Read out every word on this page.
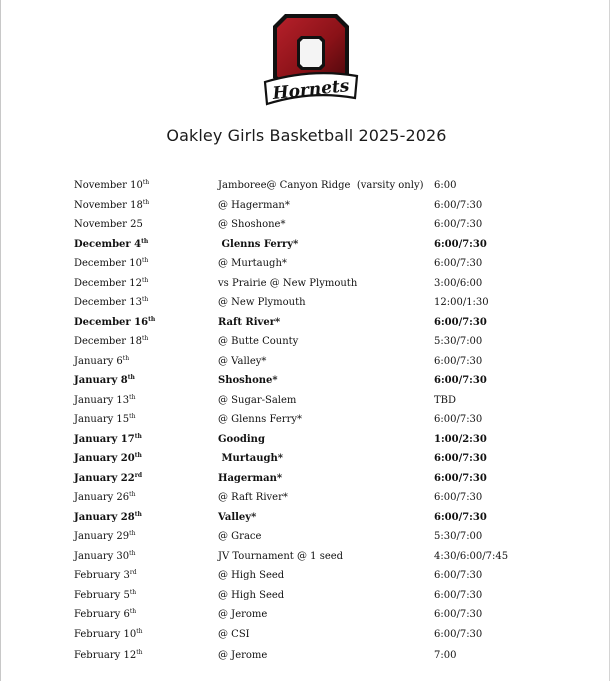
Hornets
Oakley Girls Basketball 2025-2026
November 10th	Jamboree@ Canyon Ridge  (varsity only)	6:00
November 18th	@ Hagerman*	6:00/7:30
November 25	@ Shoshone*	6:00/7:30
December 4th	Glenns Ferry*	6:00/7:30
December 10th	@ Murtaugh*	6:00/7:30
December 12th	vs Prairie @ New Plymouth	3:00/6:00
December 13th	@ New Plymouth	12:00/1:30
December 16th	Raft River*	6:00/7:30
December 18th	@ Butte County	5:30/7:00
January 6th	@ Valley*	6:00/7:30
January 8th	Shoshone*	6:00/7:30
January 13th	@ Sugar-Salem	TBD
January 15th	@ Glenns Ferry*	6:00/7:30
January 17th	Gooding	1:00/2:30
January 20th	Murtaugh*	6:00/7:30
January 22rd	Hagerman*	6:00/7:30
January 26th	@ Raft River*	6:00/7:30
January 28th	Valley*	6:00/7:30
January 29th	@ Grace	5:30/7:00
January 30th	JV Tournament @ 1 seed	4:30/6:00/7:45
February 3rd	@ High Seed	6:00/7:30
February 5th	@ High Seed	6:00/7:30
February 6th	@ Jerome	6:00/7:30
February 10th	@ CSI	6:00/7:30
February 12th	@ Jerome	7:00
